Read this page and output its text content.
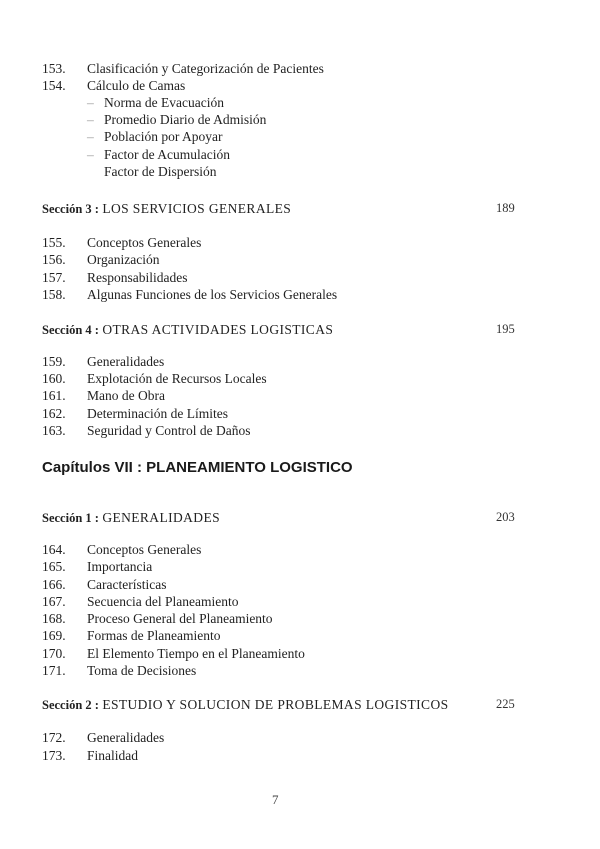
153.	Clasificación y Categorización de Pacientes
154.	Cálculo de Camas
– Norma de Evacuación
– Promedio Diario de Admisión
– Población por Apoyar
– Factor de Acumulación
Factor de Dispersión
Sección 3 : LOS SERVICIOS GENERALES	189
155.	Conceptos Generales
156.	Organización
157.	Responsabilidades
158.	Algunas Funciones de los Servicios Generales
Sección 4 : OTRAS ACTIVIDADES LOGISTICAS	195
159.	Generalidades
160.	Explotación de Recursos Locales
161.	Mano de Obra
162.	Determinación de Límites
163.	Seguridad y Control de Daños
Capítulos VII : PLANEAMIENTO LOGISTICO
Sección 1 : GENERALIDADES	203
164.	Conceptos Generales
165.	Importancia
166.	Características
167.	Secuencia del Planeamiento
168.	Proceso General del Planeamiento
169.	Formas de Planeamiento
170.	El Elemento Tiempo en el Planeamiento
171.	Toma de Decisiones
Sección 2 : ESTUDIO Y SOLUCION DE PROBLEMAS LOGISTICOS	225
172.	Generalidades
173.	Finalidad
7
